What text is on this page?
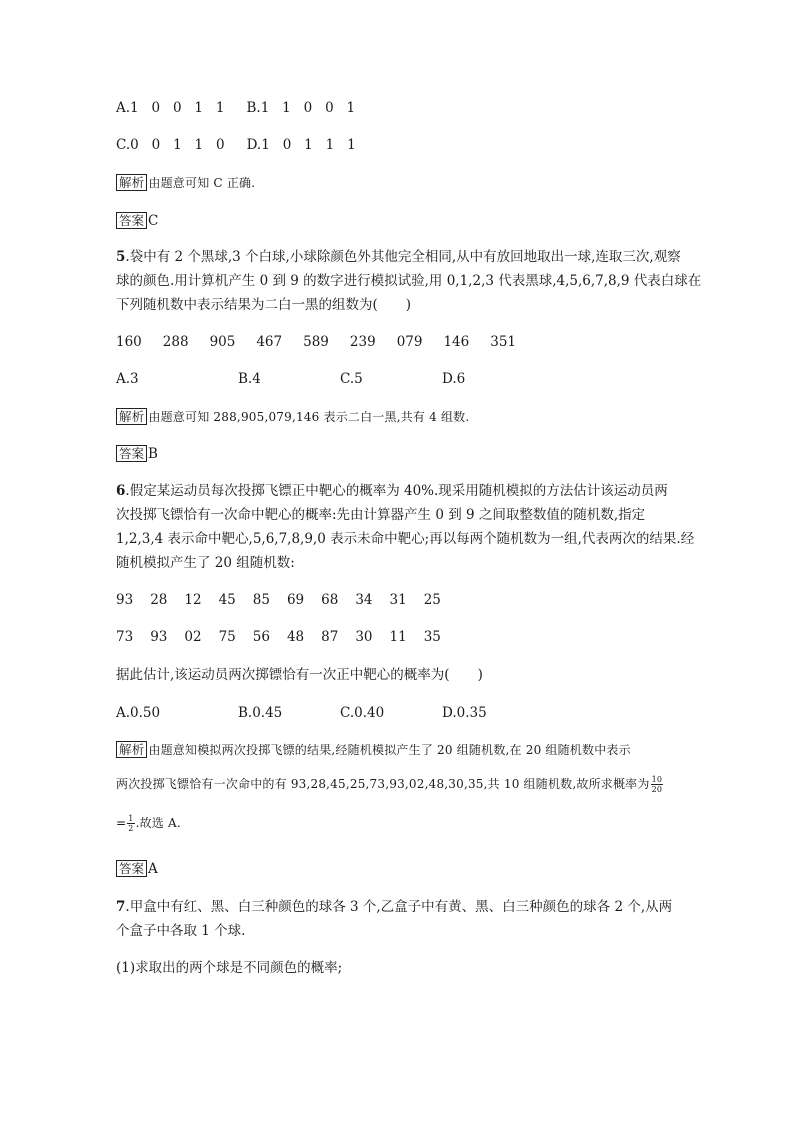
A.1   0   0   1   1 B.1   1   0   0   1
C.0   0   1   1   0 D.1   0   1   1   1
解析 由题意可知 C 正确.
答案 C
5.袋中有 2 个黑球,3 个白球,小球除颜色外其他完全相同,从中有放回地取出一球,连取三次,观察
球的颜色.用计算机产生 0 到 9 的数字进行模拟试验,用 0,1,2,3 代表黑球,4,5,6,7,8,9 代表白球在
下列随机数中表示结果为二白一黑的组数为( )
160 288 905 467 589 239 079 146 351
A.3	B.4	C.5	D.6
解析 由题意可知 288,905,079,146 表示二白一黑,共有 4 组数.
答案 B
6.假定某运动员每次投掷飞镖正中靶心的概率为 40%.现采用随机模拟的方法估计该运动员两
次投掷飞镖恰有一次命中靶心的概率:先由计算器产生 0 到 9 之间取整数值的随机数,指定
1,2,3,4 表示命中靶心,5,6,7,8,9,0 表示未命中靶心;再以每两个随机数为一组,代表两次的结果.经
随机模拟产生了 20 组随机数:
93 28 12 45 85 69 68 34 31 25
73 93 02 75 56 48 87 30 11 35
据此估计,该运动员两次掷镖恰有一次正中靶心的概率为( )
A.0.50	B.0.45	C.0.40	D.0.35
解析 由题意知模拟两次投掷飞镖的结果,经随机模拟产生了 20 组随机数,在 20 组随机数中表示
两次投掷飞镖恰有一次命中的有 93,28,45,25,73,93,02,48,30,35,共 10 组随机数,故所求概率为 $\frac{10}{20}$
= $\frac{1}{2}$ .故选 A.
答案 A
7.甲盒中有红、黑、白三种颜色的球各 3 个,乙盒子中有黄、黑、白三种颜色的球各 2 个,从两
个盒子中各取 1 个球.
(1)求取出的两个球是不同颜色的概率;
